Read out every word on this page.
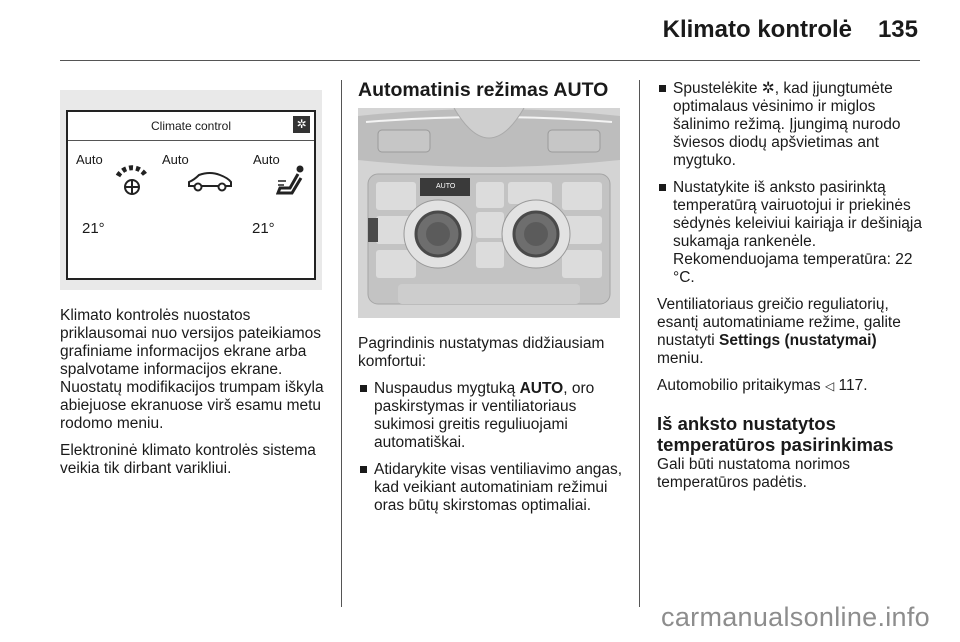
Klimato kontrolė 135
Climate control	✲
Auto	Auto	Auto
21°	21°

Klimato kontrolės nuostatos priklausomai nuo versijos pateikiamos grafiniame informacijos ekrane arba spalvotame informacijos ekrane. Nuostatų modifikacijos trumpam iškyla abiejuose ekranuose virš esamu metu rodomo meniu.

Elektroninė klimato kontrolės sistema veikia tik dirbant varikliui.

Automatinis režimas AUTO
AUTO

Pagrindinis nustatymas didžiausiam komfortui:

Nuspaudus mygtuką AUTO, oro paskirstymas ir ventiliatoriaus sukimosi greitis reguliuojami automatiškai.
Atidarykite visas ventiliavimo angas, kad veikiant automatiniam režimui oras būtų skirstomas optimaliai.
Spustelėkite ✲, kad įjungtumėte optimalaus vėsinimo ir miglos šalinimo režimą. Įjungimą nurodo šviesos diodų apšvietimas ant mygtuko.
Nustatykite iš anksto pasirinktą temperatūrą vairuotojui ir priekinės sėdynės keleiviui kairiąja ir dešiniąja sukamąja rankenėle. Rekomenduojama temperatūra: 22 °C.

Ventiliatoriaus greičio reguliatorių, esantį automatiniame režime, galite nustatyti Settings (nustatymai) meniu.

Automobilio pritaikymas ◁ 117.

Iš anksto nustatytos temperatūros pasirinkimas

Gali būti nustatoma norimos temperatūros padėtis.

carmanualsonline.info
